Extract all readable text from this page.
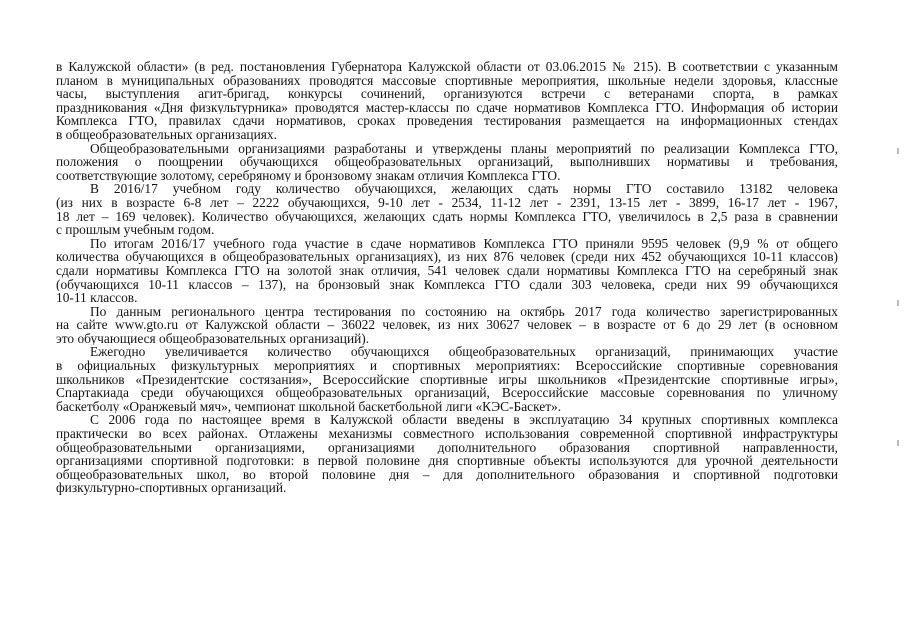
в Калужской области» (в ред. постановления Губернатора Калужской области от 03.06.2015 № 215). В соответствии с указанным
планом в муниципальных образованиях проводятся массовые спортивные мероприятия, школьные недели здоровья, классные
часы, выступления агит-бригад, конкурсы сочинений, организуются встречи с ветеранами спорта, в рамках
праздникования «Дня физкультурника» проводятся мастер-классы по сдаче нормативов Комплекса ГТО. Информация об истории
Комплекса ГТО, правилах сдачи нормативов, сроках проведения тестирования размещается на информационных стендах
в общеобразовательных организациях.
Общеобразовательными организациями разработаны и утверждены планы мероприятий по реализации Комплекса ГТО,
положения о поощрении обучающихся общеобразовательных организаций, выполнивших нормативы и требования,
соответствующие золотому, серебряному и бронзовому знакам отличия Комплекса ГТО.
В 2016/17 учебном году количество обучающихся, желающих сдать нормы ГТО составило 13182 человека
(из них в возрасте 6-8 лет – 2222 обучающихся, 9-10 лет - 2534, 11-12 лет - 2391, 13-15 лет - 3899, 16-17 лет - 1967,
18 лет – 169 человек). Количество обучающихся, желающих сдать нормы Комплекса ГТО, увеличилось в 2,5 раза в сравнении
с прошлым учебным годом.
По итогам 2016/17 учебного года участие в сдаче нормативов Комплекса ГТО приняли 9595 человек (9,9 % от общего
количества обучающихся в общеобразовательных организациях), из них 876 человек (среди них 452 обучающихся 10-11 классов)
сдали нормативы Комплекса ГТО на золотой знак отличия, 541 человек сдали нормативы Комплекса ГТО на серебряный знак
(обучающихся 10-11 классов – 137), на бронзовый знак Комплекса ГТО сдали 303 человека, среди них 99 обучающихся
10-11 классов.
По данным регионального центра тестирования по состоянию на октябрь 2017 года количество зарегистрированных
на сайте www.gto.ru от Калужской области – 36022 человек, из них 30627 человек – в возрасте от 6 до 29 лет (в основном
это обучающиеся общеобразовательных организаций).
Ежегодно увеличивается количество обучающихся общеобразовательных организаций, принимающих участие
в официальных физкультурных мероприятиях и спортивных мероприятиях: Всероссийские спортивные соревнования
школьников «Президентские состязания», Всероссийские спортивные игры школьников «Президентские спортивные игры»,
Спартакиада среди обучающихся общеобразовательных организаций, Всероссийские массовые соревнования по уличному
баскетболу «Оранжевый мяч», чемпионат школьной баскетбольной лиги «КЭС-Баскет».
С 2006 года по настоящее время в Калужской области введены в эксплуатацию 34 крупных спортивных комплекса
практически во всех районах. Отлажены механизмы совместного использования современной спортивной инфраструктуры
общеобразовательными организациями, организациями дополнительного образования спортивной направленности,
организациями спортивной подготовки: в первой половине дня спортивные объекты используются для урочной деятельности
общеобразовательных школ, во второй половине дня – для дополнительного образования и спортивной подготовки
физкультурно-спортивных организаций.
